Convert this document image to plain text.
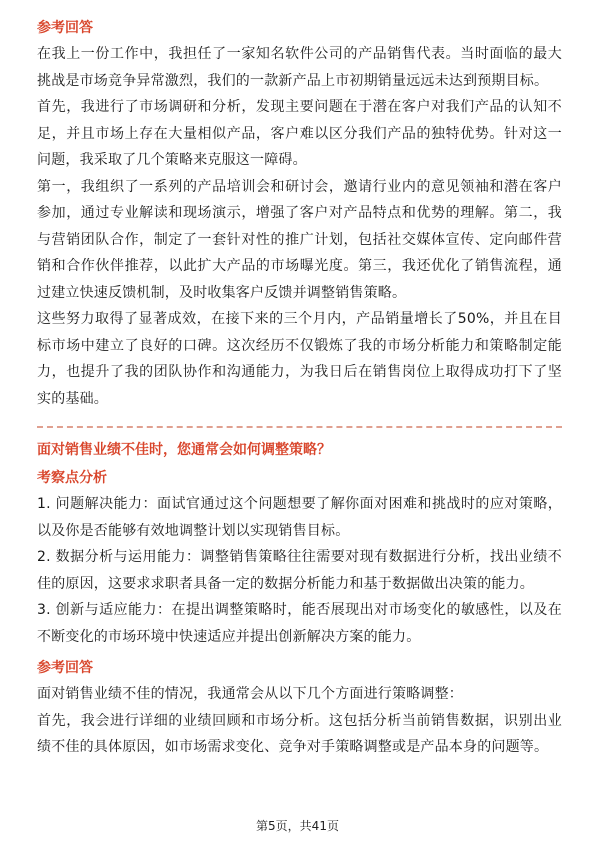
参考回答

在我上一份工作中，我担任了一家知名软件公司的产品销售代表。当时面临的最大挑战是市场竞争异常激烈，我们的一款新产品上市初期销量远远未达到预期目标。

首先，我进行了市场调研和分析，发现主要问题在于潜在客户对我们产品的认知不足，并且市场上存在大量相似产品，客户难以区分我们产品的独特优势。针对这一问题，我采取了几个策略来克服这一障碍。

第一，我组织了一系列的产品培训会和研讨会，邀请行业内的意见领袖和潜在客户参加，通过专业解读和现场演示，增强了客户对产品特点和优势的理解。第二，我与营销团队合作，制定了一套针对性的推广计划，包括社交媒体宣传、定向邮件营销和合作伙伴推荐，以此扩大产品的市场曝光度。第三，我还优化了销售流程，通过建立快速反馈机制，及时收集客户反馈并调整销售策略。

这些努力取得了显著成效，在接下来的三个月内，产品销量增长了50%，并且在目标市场中建立了良好的口碑。这次经历不仅锻炼了我的市场分析能力和策略制定能力，也提升了我的团队协作和沟通能力，为我日后在销售岗位上取得成功打下了坚实的基础。

面对销售业绩不佳时，您通常会如何调整策略？
考察点分析

1. 问题解决能力：面试官通过这个问题想要了解你面对困难和挑战时的应对策略，以及你是否能够有效地调整计划以实现销售目标。

2. 数据分析与运用能力：调整销售策略往往需要对现有数据进行分析，找出业绩不佳的原因，这要求求职者具备一定的数据分析能力和基于数据做出决策的能力。

3. 创新与适应能力：在提出调整策略时，能否展现出对市场变化的敏感性，以及在不断变化的市场环境中快速适应并提出创新解决方案的能力。

参考回答

面对销售业绩不佳的情况，我通常会从以下几个方面进行策略调整：

首先，我会进行详细的业绩回顾和市场分析。这包括分析当前销售数据，识别出业绩不佳的具体原因，如市场需求变化、竞争对手策略调整或是产品本身的问题等。

第5页，共41页
